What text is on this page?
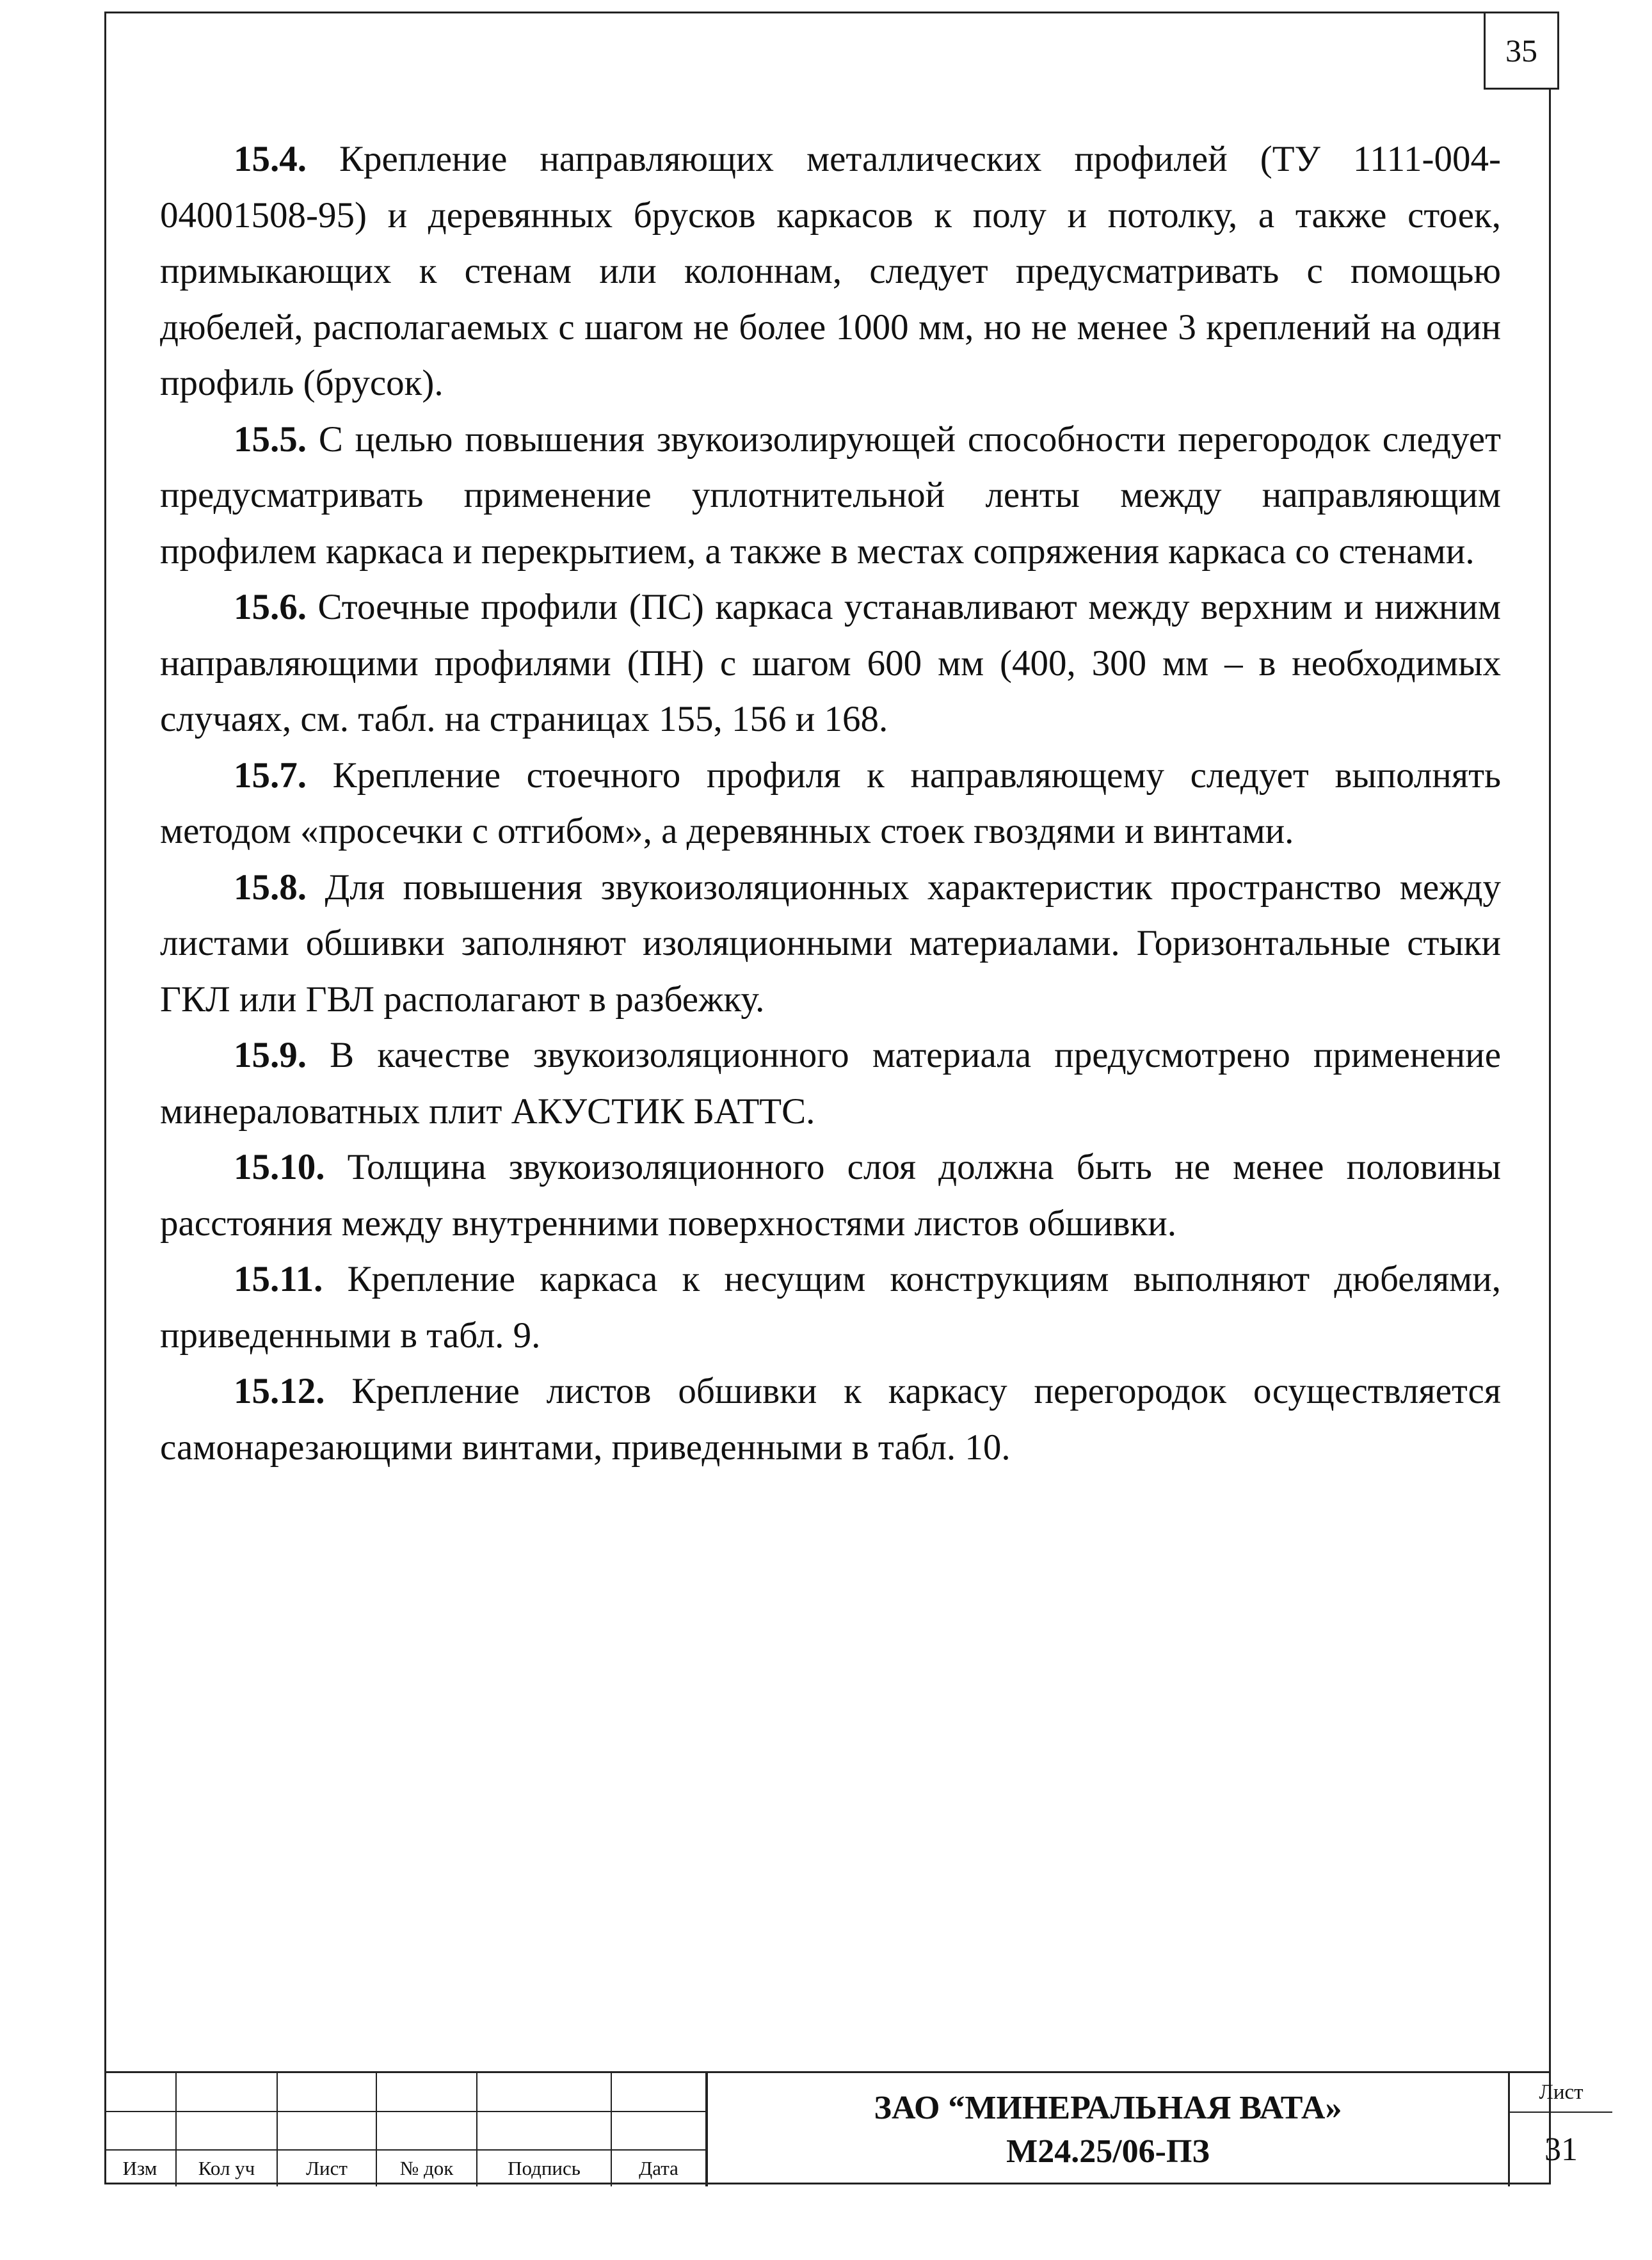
35

15.4. Крепление направляющих металлических профилей (ТУ 1111-004-04001508-95) и деревянных брусков каркасов к полу и потолку, а также стоек, примыкающих к стенам или колоннам, следует предусматривать с помощью дюбелей, располагаемых с шагом не более 1000 мм, но не менее 3 креплений на один профиль (брусок).

15.5. С целью повышения звукоизолирующей способности перегородок следует предусматривать применение уплотнительной ленты между направляющим профилем каркаса и перекрытием, а также в местах сопряжения каркаса со стенами.

15.6. Стоечные профили (ПС) каркаса устанавливают между верхним и нижним направляющими профилями (ПН) с шагом 600 мм (400, 300 мм – в необходимых случаях, см. табл. на страницах 155, 156 и 168.

15.7. Крепление стоечного профиля к направляющему следует выполнять методом «просечки с отгибом», а деревянных стоек гвоздями и винтами.

15.8. Для повышения звукоизоляционных характеристик пространство между листами обшивки заполняют изоляционными материалами. Горизонтальные стыки ГКЛ или ГВЛ располагают в разбежку.

15.9. В качестве звукоизоляционного материала предусмотрено применение минераловатных плит АКУСТИК БАТТС.

15.10. Толщина звукоизоляционного слоя должна быть не менее половины расстояния между внутренними поверхностями листов обшивки.

15.11. Крепление каркаса к несущим конструкциям выполняют дюбелями, приведенными в табл. 9.

15.12. Крепление листов обшивки к каркасу перегородок осуществляется самонарезающими винтами, приведенными в табл. 10.

Изм	Кол уч	Лист	№ док	Подпись	Дата
ЗАО “МИНЕРАЛЬНАЯ ВАТА»
М24.25/06-ПЗ
Лист
31
